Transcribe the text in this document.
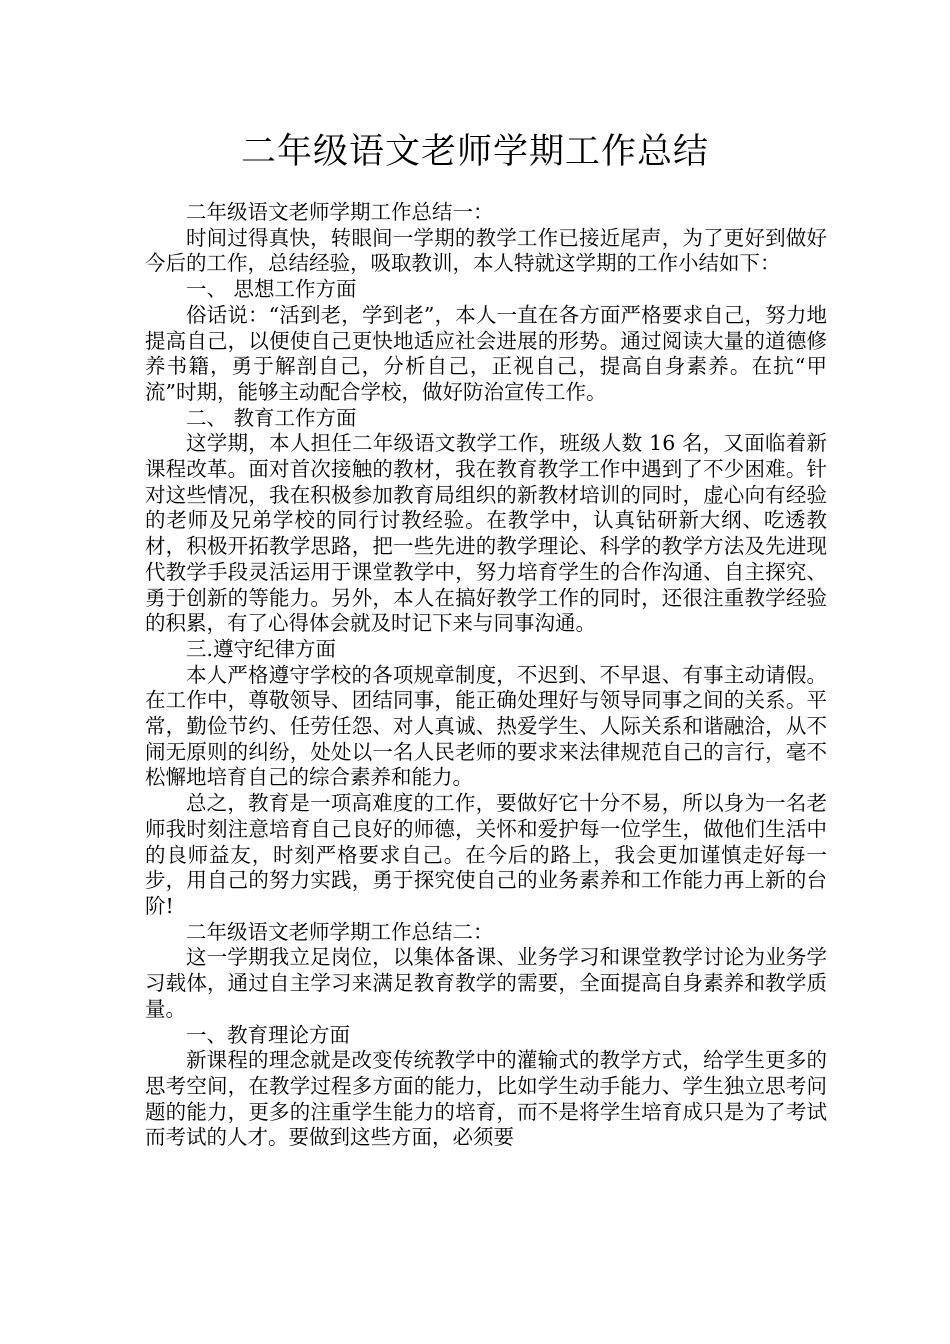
二年级语文老师学期工作总结

二年级语文老师学期工作总结一：

时间过得真快，转眼间一学期的教学工作已接近尾声，为了更好到做好今后的工作，总结经验，吸取教训，本人特就这学期的工作小结如下：

一、 思想工作方面

俗话说：“活到老，学到老”，本人一直在各方面严格要求自己，努力地提高自己，以便使自己更快地适应社会进展的形势。通过阅读大量的道德修养书籍，勇于解剖自己，分析自己，正视自己，提高自身素养。在抗“甲流”时期，能够主动配合学校，做好防治宣传工作。

二、 教育工作方面

这学期，本人担任二年级语文教学工作，班级人数 16 名，又面临着新课程改革。面对首次接触的教材，我在教育教学工作中遇到了不少困难。针对这些情况，我在积极参加教育局组织的新教材培训的同时，虚心向有经验的老师及兄弟学校的同行讨教经验。在教学中，认真钻研新大纲、吃透教材，积极开拓教学思路，把一些先进的教学理论、科学的教学方法及先进现代教学手段灵活运用于课堂教学中，努力培育学生的合作沟通、自主探究、勇于创新的等能力。另外，本人在搞好教学工作的同时，还很注重教学经验的积累，有了心得体会就及时记下来与同事沟通。

三.遵守纪律方面

本人严格遵守学校的各项规章制度，不迟到、不早退、有事主动请假。在工作中，尊敬领导、团结同事，能正确处理好与领导同事之间的关系。平常，勤俭节约、任劳任怨、对人真诚、热爱学生、人际关系和谐融洽，从不闹无原则的纠纷，处处以一名人民老师的要求来法律规范自己的言行，毫不松懈地培育自己的综合素养和能力。

总之，教育是一项高难度的工作，要做好它十分不易，所以身为一名老师我时刻注意培育自己良好的师德，关怀和爱护每一位学生，做他们生活中的良师益友，时刻严格要求自己。在今后的路上，我会更加谨慎走好每一步，用自己的努力实践，勇于探究使自己的业务素养和工作能力再上新的台阶!

二年级语文老师学期工作总结二：

这一学期我立足岗位，以集体备课、业务学习和课堂教学讨论为业务学习载体，通过自主学习来满足教育教学的需要，全面提高自身素养和教学质量。

一、教育理论方面

新课程的理念就是改变传统教学中的灌输式的教学方式，给学生更多的思考空间，在教学过程多方面的能力，比如学生动手能力、学生独立思考问题的能力，更多的注重学生能力的培育，而不是将学生培育成只是为了考试而考试的人才。要做到这些方面，必须要
